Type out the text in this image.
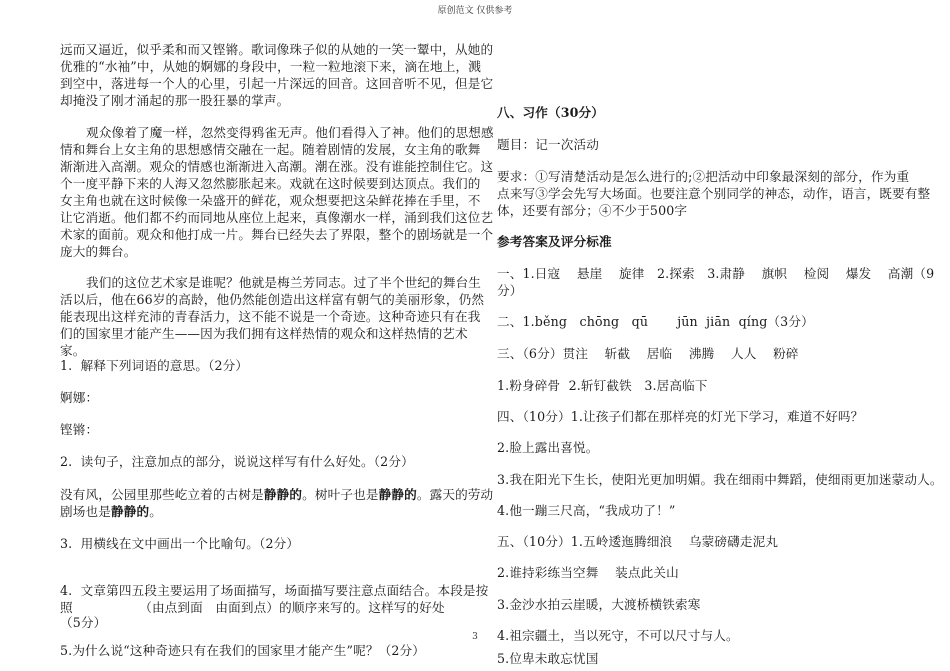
原创范文 仅供参考
远而又逼近，似乎柔和而又铿锵。歌词像珠子似的从她的一笑一颦中，从她的
优雅的“水袖”中，从她的婀娜的身段中，一粒一粒地滚下来，滴在地上，溅
到空中，落进每一个人的心里，引起一片深远的回音。这回音听不见，但是它
却掩没了刚才涌起的那一股狂暴的掌声。
观众像着了魔一样，忽然变得鸦雀无声。他们看得入了神。他们的思想感
情和舞台上女主角的思想感情交融在一起。随着剧情的发展，女主角的歌舞
渐渐进入高潮。观众的情感也渐渐进入高潮。潮在涨。没有谁能控制住它。这
个一度平静下来的人海又忽然膨胀起来。戏就在这时候要到达顶点。我们的
女主角也就在这时候像一朵盛开的鲜花，观众想要把这朵鲜花捧在手里，不
让它消逝。他们都不约而同地从座位上起来，真像潮水一样，涌到我们这位艺
术家的面前。观众和他打成一片。舞台已经失去了界限，整个的剧场就是一个
庞大的舞台。
我们的这位艺术家是谁呢？他就是梅兰芳同志。过了半个世纪的舞台生
活以后，他在66岁的高龄，他仍然能创造出这样富有朝气的美丽形象，仍然
能表现出这样充沛的青春活力，这不能不说是一个奇迹。这种奇迹只有在我
们的国家里才能产生——因为我们拥有这样热情的观众和这样热情的艺术
家。
1.  解释下列词语的意思。（2分）
婀娜：
铿锵：
2.  读句子，注意加点的部分，说说这样写有什么好处。（2分）
没有风，公园里那些屹立着的古树是静静的。树叶子也是静静的。露天的劳动
剧场也是静静的。
3.  用横线在文中画出一个比喻句。（2分）
4.  文章第四五段主要运用了场面描写，场面描写要注意点面结合。本段是按
照                （由点到面   由面到点）的顺序来写的。这样写的好处
（5分）
5.为什么说“这种奇迹只有在我们的国家里才能产生”呢？（2分）
八、习作（30分）
题目：记一次活动
要求：①写清楚活动是怎么进行的;②把活动中印象最深刻的部分，作为重
点来写③学会先写大场面。也要注意个别同学的神态，动作，语言，既要有整
体，还要有部分；④不少于500字
参考答案及评分标准
一、1.日寇    悬崖    旋律   2.探索   3.肃静    旗帜    检阅    爆发    高潮（9
分）
二、1.běng   chōng   qū       jūn  jiān  qíng（3分）
三、（6分）贯注    斩截    居临    沸腾    人人    粉碎
1.粉身碎骨  2.斩钉截铁   3.居高临下
四、（10分）1.让孩子们都在那样亮的灯光下学习，难道不好吗？
2.脸上露出喜悦。
3.我在阳光下生长，使阳光更加明媚。我在细雨中舞蹈，使细雨更加迷蒙动人。
4.他一蹦三尺高，“我成功了！”
五、（10分）1.五岭逶迤腾细浪    乌蒙磅礴走泥丸
2.谁持彩练当空舞    装点此关山
3.金沙水拍云崖暖，大渡桥横铁索寒
4.祖宗疆土，当以死守，不可以尺寸与人。
5.位卑未敢忘忧国
3
